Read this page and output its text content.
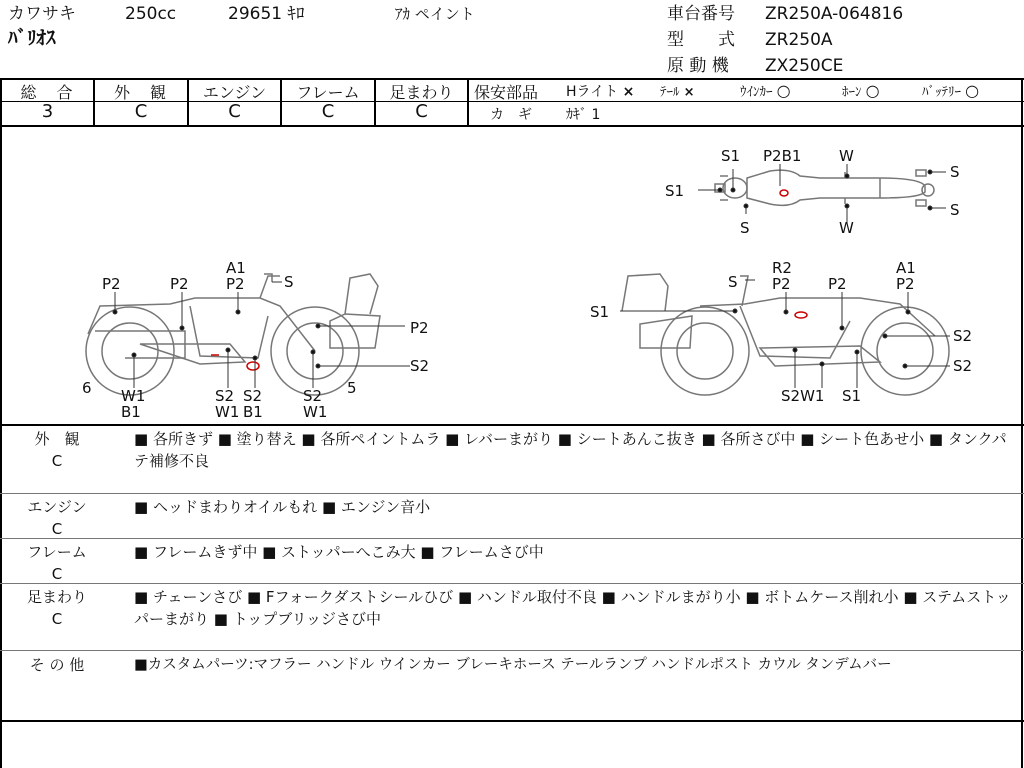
カワサキ	250cc	29651 ｷﾛ	ｱｶ ペイント
ﾊﾞﾘｵｽ
車台番号 ZR250A-064816
型　　式 ZR250A
原 動 機 ZX250CE
総　合	外　観	エンジン	フレーム	足まわり
3	C	C	C	C
保安部品 Hライト × ﾃｰﾙ ×	ｳｲﾝｶｰ ○	ﾎｰﾝ ○	ﾊﾞｯﾃﾘｰ ○
カ　ギ ｶｷﾞ 1
S1 P2B1	W
S
S1
S
S	W
A1
P2
P2	P2	S
P2
6 W1
B1
S2
W1
S2
B1
S2
W1
5
S2
R2
P2
S
A1
P2
P2
S1
S2
S2
S2W1 S1
外　観
C
■ 各所きず ■ 塗り替え ■ 各所ペイントムラ ■ レバーまがり ■ シートあんこ抜き ■ 各所さび中 ■ シート色あせ小 ■ タンクパテ補修不良
エンジン
C
■ ヘッドまわりオイルもれ ■ エンジン音小
フレーム
C
■ フレームきず中 ■ ストッパーへこみ大 ■ フレームさび中
足まわり
C
■ チェーンさび ■ Fフォークダストシールひび ■ ハンドル取付不良 ■ ハンドルまがり小 ■ ボトムケース削れ小 ■ ステムストッパーまがり ■ トップブリッジさび中
そ の 他	■カスタムパーツ:マフラー ハンドル ウインカー ブレーキホース テールランプ ハンドルポスト カウル タンデムバー
